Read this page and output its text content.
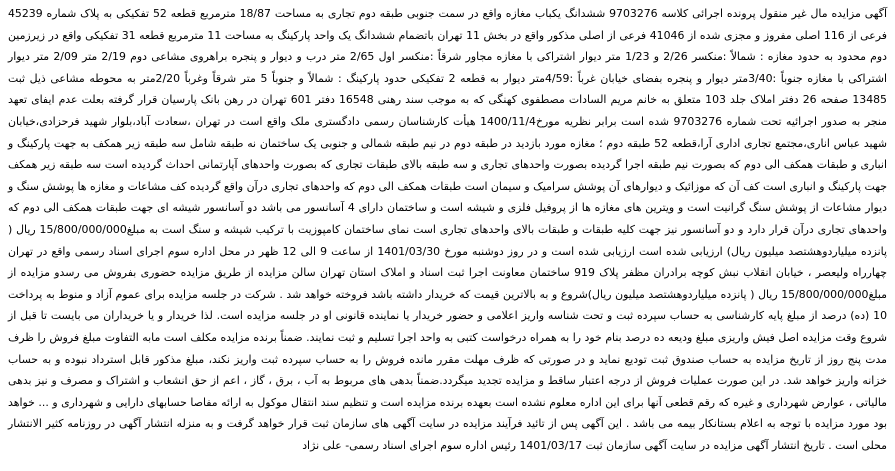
آگهی مزایده مال غیر منقول پرونده اجرائی کلاسه 9703276 ششدانگ یکباب مغازه واقع در سمت جنوبی طبقه دوم تجاری به مساحت 18/87 مترمربع قطعه 52 تفکیکی به پلاک شماره 45239 فرعی از 116 اصلی مفروز و مجزی شده از 41046 فرعی از اصلی مذکور واقع در بخش 11 تهران باتضمام ششدانگ یک واحد پارکینگ به مساحت 11 مترمربع قطعه 31 تفکیکی واقع در زیرزمین دوم محدود به حدود مغازه : شمالاً :منکسر 2/26 و 1/23 متر دیوار اشتراکی با مغازه مجاور شرقاً :منکسر اول 2/65 متر درب و دیوار و پنجره براهروی مشاعی دوم 2/19 متر 2/09 متر دیوار اشتراکی با مغازه جنوباً :3/40متر دیوار و پنجره بفضای خیابان غرباً :4/59متر دیوار به قطعه 2 تفکیکی حدود پارکینگ : شمالاً و جنوباً 5 متر شرقاً وغرباً 2/20متر به محوطه مشاعی ذیل ثبت 13485 صفحه 26 دفتر املاک جلد 103 متعلق به خانم مریم السادات مصطفوی کهنگی که به موجب سند رهنی 16548 دفتر 601 تهران در رهن بانک پارسیان قرار گرفته بعلت عدم ایفای تعهد منجر به صدور اجرائیه تحت شماره 9703276 شده است برابر نظریه مورخ1400/11/4 هیأت کارشناسان رسمی دادگستری ملک واقع است در تهران ،سعادت آباد،بلوار شهید فرحزادی،خیابان شهید عباس اناری،مجتمع تجاری اداری آرا،قطعه 52 طبقه دوم ؛ مغازه مورد بازدید در طبقه دوم در نیم طبقه شمالی و جنوبی یک ساختمان نه طبقه شامل سه طبقه زیر همکف به جهت پارکینگ و انباری و طبقات همکف الی دوم که بصورت نیم طبقه اجرا گردیده بصورت واحدهای تجاری و سه طبقه بالای طبقات تجاری که بصورت واحدهای آپارتمانی احداث گردیده است سه طبقه زیر همکف جهت پارکینگ و انباری است کف آن که موزائیک و دیوارهای آن پوشش سرامیک و سیمان است طبقات همکف الی دوم که واحدهای تجاری درآن واقع گردیده کف مشاعات و مغازه ها پوشش سنگ و دیوار مشاعات از پوشش سنگ گرانیت است و ویترین های مغازه ها از پروفیل فلزی و شیشه است و ساختمان دارای 4 آسانسور می باشد دو آسانسور شیشه ای جهت طبقات همکف الی دوم که واحدهای تجاری درآن قرار دارد و دو آسانسور نیز جهت کلیه طبقات و طبقات بالای واحدهای تجاری است نمای ساختمان کامپوزیت با ترکیب شیشه و سنگ است به مبلغ15/800/000/000 ریال ( پانزده میلیاردوهشتصد میلیون ریال) ارزیابی شده است ارزیابی شده است و در روز دوشنبه مورخ 1401/03/30 از ساعت 9 الی 12 ظهر در محل اداره سوم اجرای اسناد رسمی واقع در تهران چهارراه ولیعصر ، خیابان انقلاب نبش کوچه برادران مظفر پلاک 919 ساختمان معاونت اجرا ثبت اسناد و املاک استان تهران سالن مزایده از طریق مزایده حضوری بفروش می رسدو مزایده از مبلغ15/800/000/000 ریال ( پانزده میلیاردوهشتصد میلیون ریال)شروع و به بالاترین قیمت که خریدار داشته باشد فروخته خواهد شد . شرکت در جلسه مزایده برای عموم آزاد و منوط به پرداخت 10 (ده) درصد از مبلغ پایه کارشناسی به حساب سپرده ثبت و تحت شناسه واریز اعلامی و حضور خریدار یا نماینده قانونی او در جلسه مزایده است. لذا خریدار و یا خریداران می بایست تا قبل از شروع وقت مزایده اصل فیش واریزی مبلغ ودیعه ده درصد بنام خود را به همراه درخواست کتبی به واحد اجرا تسلیم و ثبت نمایند. ضمناً برنده مزایده مکلف است مابه التفاوت مبلغ فروش را ظرف مدت پنج روز از تاریخ مزایده به حساب صندوق ثبت تودیع نماید و در صورتی که ظرف مهلت مقرر مانده فروش را به حساب سپرده ثبت واریز نکند، مبلغ مذکور قابل استرداد نبوده و به حساب خزانه واریز خواهد شد. در این صورت عملیات فروش از درجه اعتبار ساقط و مزایده تجدید میگردد.ضمناً بدهی های مربوط به آب ، برق ، گاز ، اعم از حق انشعاب و اشتراک و مصرف و نیز بدهی مالیاتی ، عوارض شهرداری و غیره که رقم قطعی آنها برای این اداره معلوم نشده است بعهده برنده مزایده است و تنظیم سند انتقال موکول به ارائه مفاصا حسابهای دارایی و شهرداری و ... خواهد بود مورد مزایده با توجه به اعلام بستانکار بیمه می باشد . این آگهی پس از تائید فرآیند مزایده در سایت آگهی های سازمان ثبت قرار خواهد گرفت و به منزله انتشار آگهی در روزنامه کثیر الانتشار محلی است . تاریخ انتشار آگهی مزایده در سایت آگهی سازمان ثبت 1401/03/17 رئیس اداره سوم اجرای اسناد رسمی- علی نژاد
